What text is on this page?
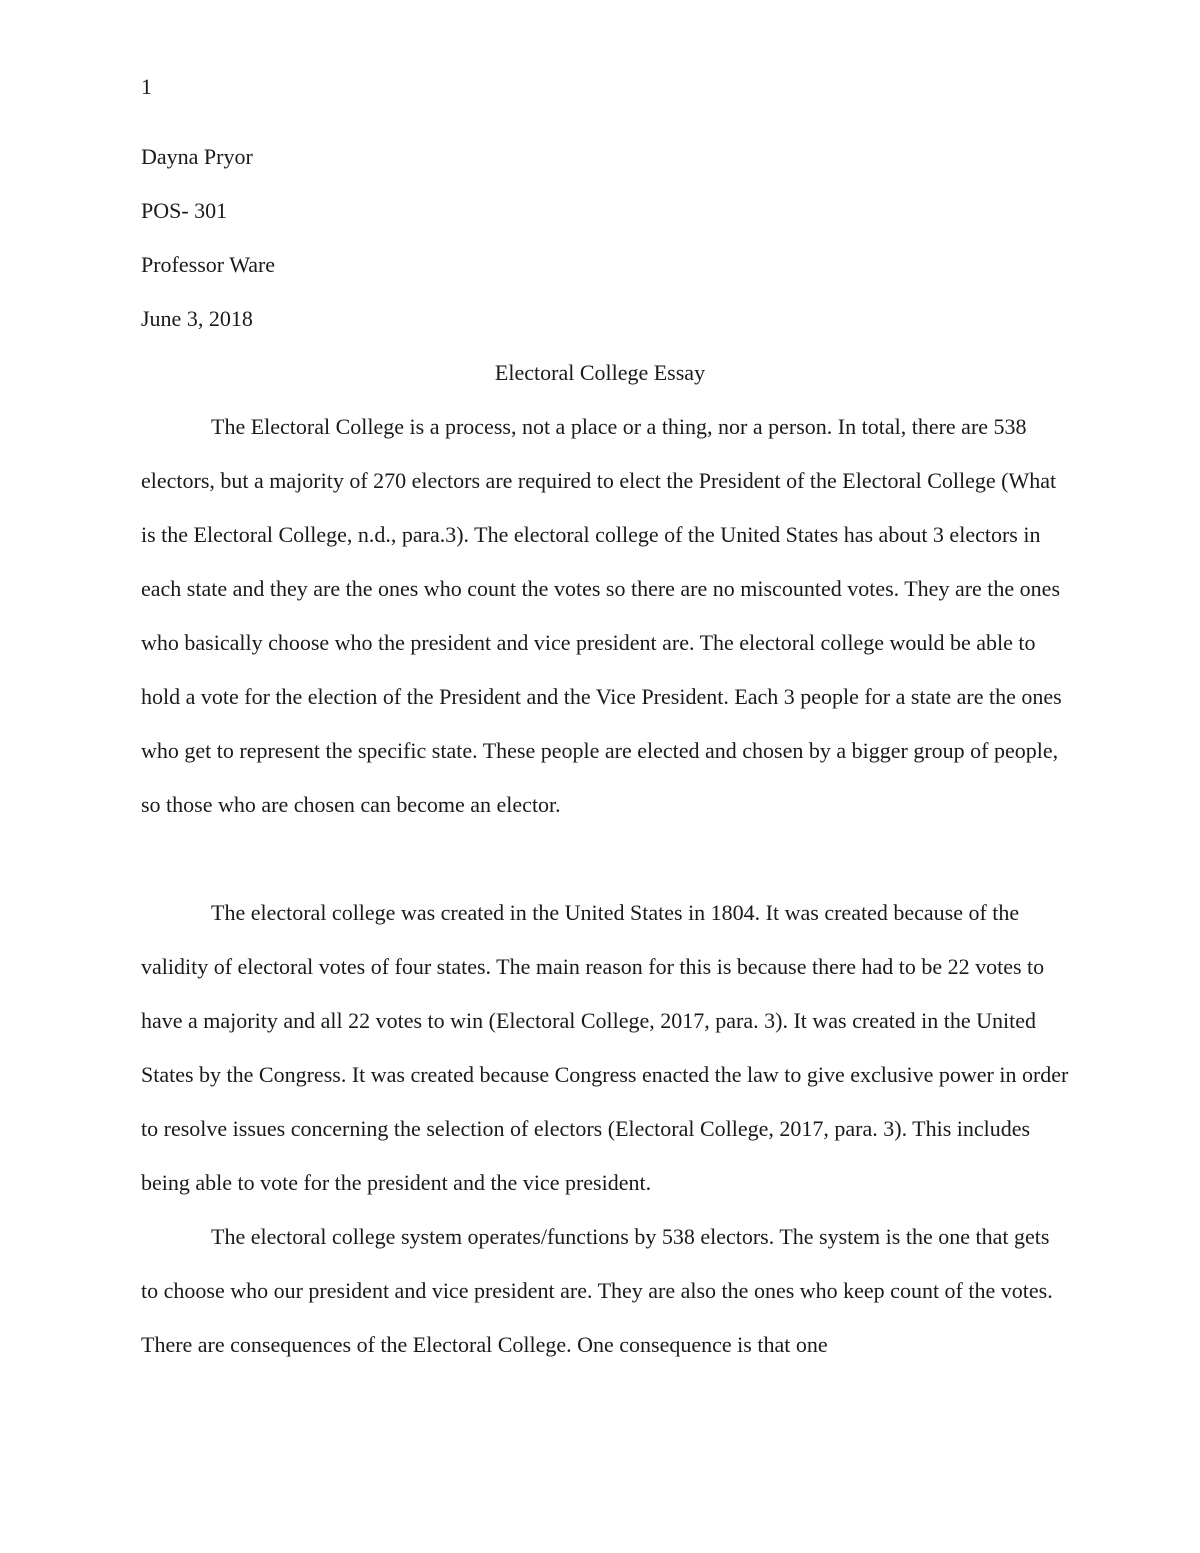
1
Dayna Pryor
POS- 301
Professor Ware
June 3, 2018
Electoral College Essay

The Electoral College is a process, not a place or a thing, nor a person. In total, there are 538 electors, but a majority of 270 electors are required to elect the President of the Electoral College (What is the Electoral College, n.d., para.3). The electoral college of the United States has about 3 electors in each state and they are the ones who count the votes so there are no miscounted votes. They are the ones who basically choose who the president and vice president are. The electoral college would be able to hold a vote for the election of the President and the Vice President. Each 3 people for a state are the ones who get to represent the specific state. These people are elected and chosen by a bigger group of people, so those who are chosen can become an elector.

The electoral college was created in the United States in 1804. It was created because of the validity of electoral votes of four states. The main reason for this is because there had to be 22 votes to have a majority and all 22 votes to win (Electoral College, 2017, para. 3). It was created in the United States by the Congress. It was created because Congress enacted the law to give exclusive power in order to resolve issues concerning the selection of electors (Electoral College, 2017, para. 3). This includes being able to vote for the president and the vice president.

The electoral college system operates/functions by 538 electors. The system is the one that gets to choose who our president and vice president are. They are also the ones who keep count of the votes. There are consequences of the Electoral College. One consequence is that one
